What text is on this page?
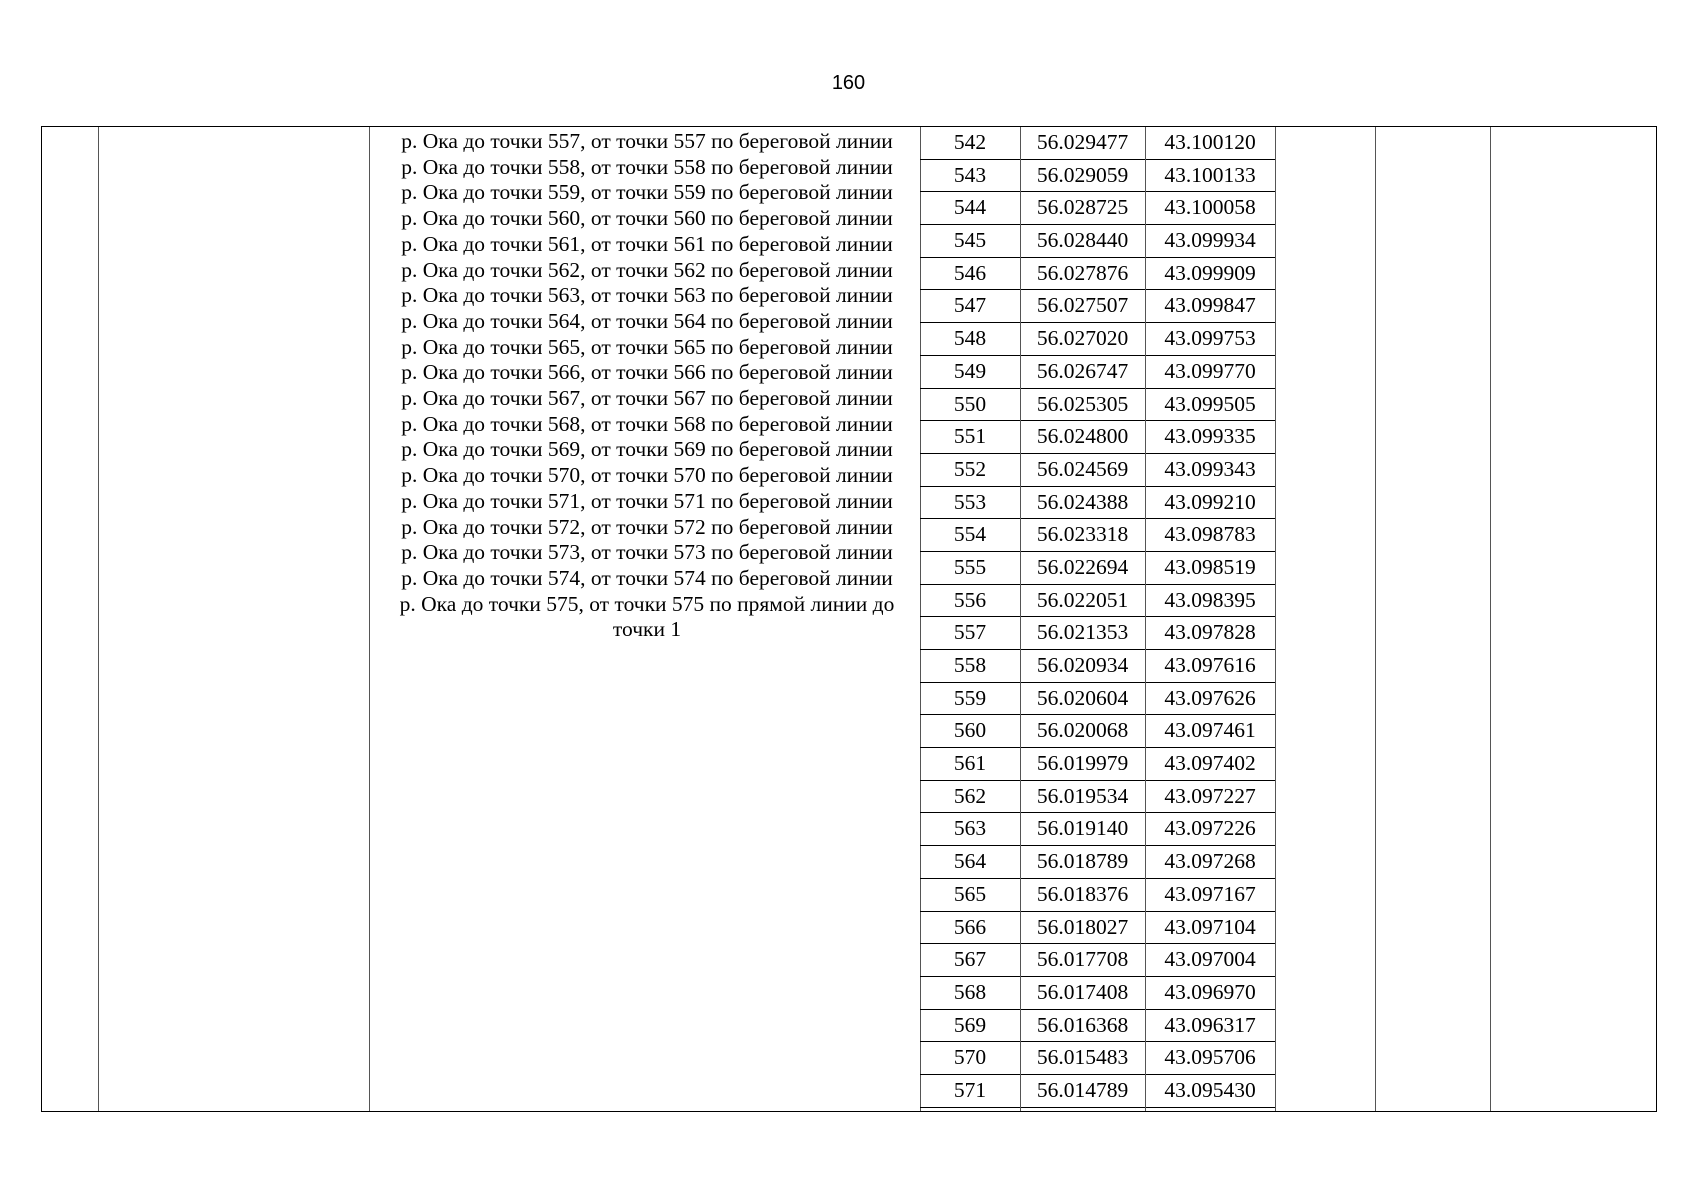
160
р. Ока до точки 557, от точки 557 по береговой линии
р. Ока до точки 558, от точки 558 по береговой линии
р. Ока до точки 559, от точки 559 по береговой линии
р. Ока до точки 560, от точки 560 по береговой линии
р. Ока до точки 561, от точки 561 по береговой линии
р. Ока до точки 562, от точки 562 по береговой линии
р. Ока до точки 563, от точки 563 по береговой линии
р. Ока до точки 564, от точки 564 по береговой линии
р. Ока до точки 565, от точки 565 по береговой линии
р. Ока до точки 566, от точки 566 по береговой линии
р. Ока до точки 567, от точки 567 по береговой линии
р. Ока до точки 568, от точки 568 по береговой линии
р. Ока до точки 569, от точки 569 по береговой линии
р. Ока до точки 570, от точки 570 по береговой линии
р. Ока до точки 571, от точки 571 по береговой линии
р. Ока до точки 572, от точки 572 по береговой линии
р. Ока до точки 573, от точки 573 по береговой линии
р. Ока до точки 574, от точки 574 по береговой линии
р. Ока до точки 575, от точки 575 по прямой линии до
точки 1
542	56.029477	43.100120
543	56.029059	43.100133
544	56.028725	43.100058
545	56.028440	43.099934
546	56.027876	43.099909
547	56.027507	43.099847
548	56.027020	43.099753
549	56.026747	43.099770
550	56.025305	43.099505
551	56.024800	43.099335
552	56.024569	43.099343
553	56.024388	43.099210
554	56.023318	43.098783
555	56.022694	43.098519
556	56.022051	43.098395
557	56.021353	43.097828
558	56.020934	43.097616
559	56.020604	43.097626
560	56.020068	43.097461
561	56.019979	43.097402
562	56.019534	43.097227
563	56.019140	43.097226
564	56.018789	43.097268
565	56.018376	43.097167
566	56.018027	43.097104
567	56.017708	43.097004
568	56.017408	43.096970
569	56.016368	43.096317
570	56.015483	43.095706
571	56.014789	43.095430
